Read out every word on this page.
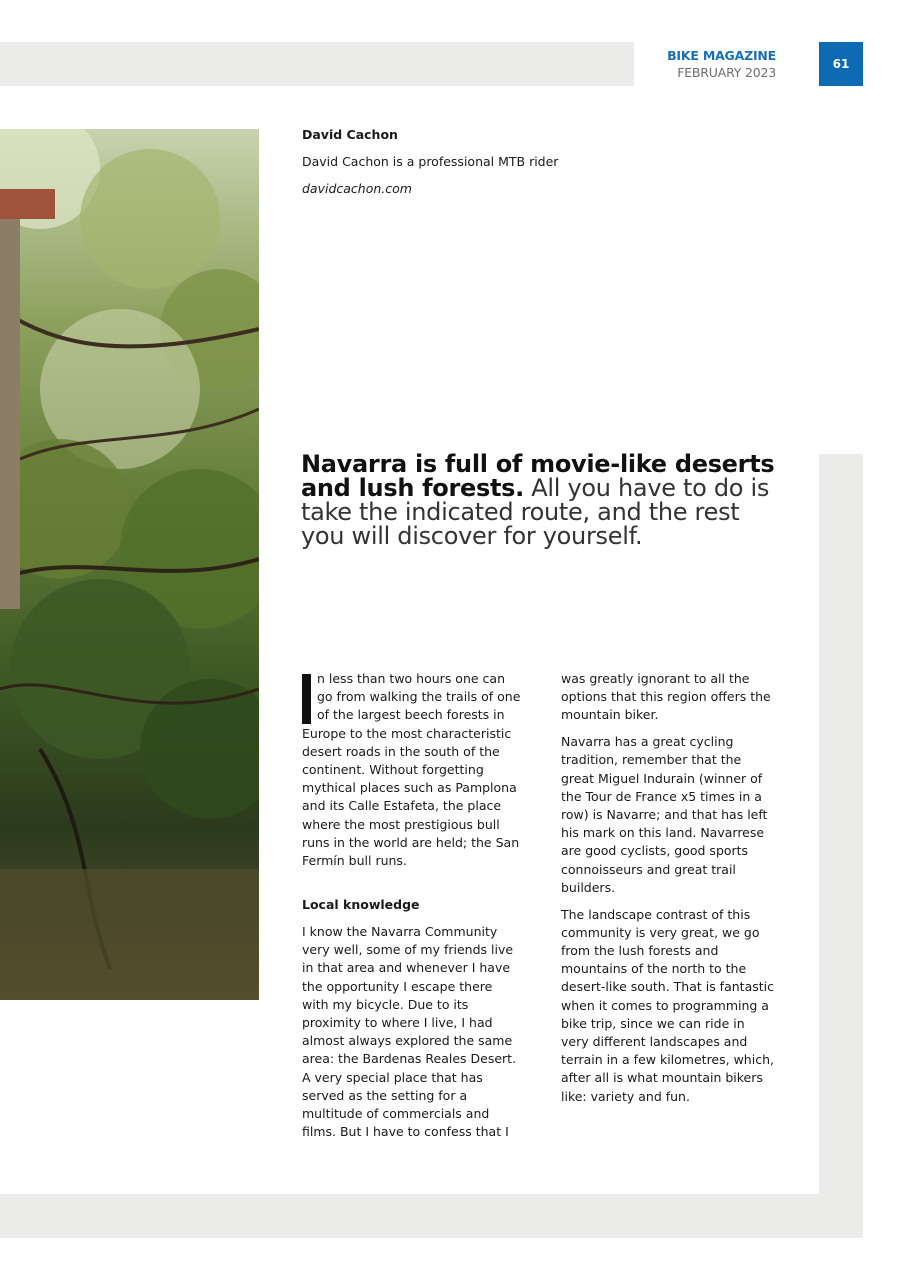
BIKE MAGAZINE
FEBRUARY 2023
61

David Cachon

David Cachon is a professional MTB rider

davidcachon.com

Navarra is full of movie-like deserts and lush forests. All you have to do is take the indicated route, and the rest you will discover for yourself.

n less than two hours one can go from walking the trails of one of the largest beech forests in Europe to the most characteristic desert roads in the south of the continent. Without forgetting mythical places such as Pamplona and its Calle Estafeta, the place where the most prestigious bull runs in the world are held; the San Fermín bull runs.

Local knowledge

I know the Navarra Community very well, some of my friends live in that area and whenever I have the opportunity I escape there with my bicycle. Due to its proximity to where I live, I had almost always explored the same area: the Bardenas Reales Desert. A very special place that has served as the setting for a multitude of commercials and films. But I have to confess that I

was greatly ignorant to all the options that this region offers the mountain biker.

Navarra has a great cycling tradition, remember that the great Miguel Indurain (winner of the Tour de France x5 times in a row) is Navarre; and that has left his mark on this land. Navarrese are good cyclists, good sports connoisseurs and great trail builders.

The landscape contrast of this community is very great, we go from the lush forests and mountains of the north to the desert-like south. That is fantastic when it comes to programming a bike trip, since we can ride in very different landscapes and terrain in a few kilometres, which, after all is what mountain bikers like: variety and fun.
